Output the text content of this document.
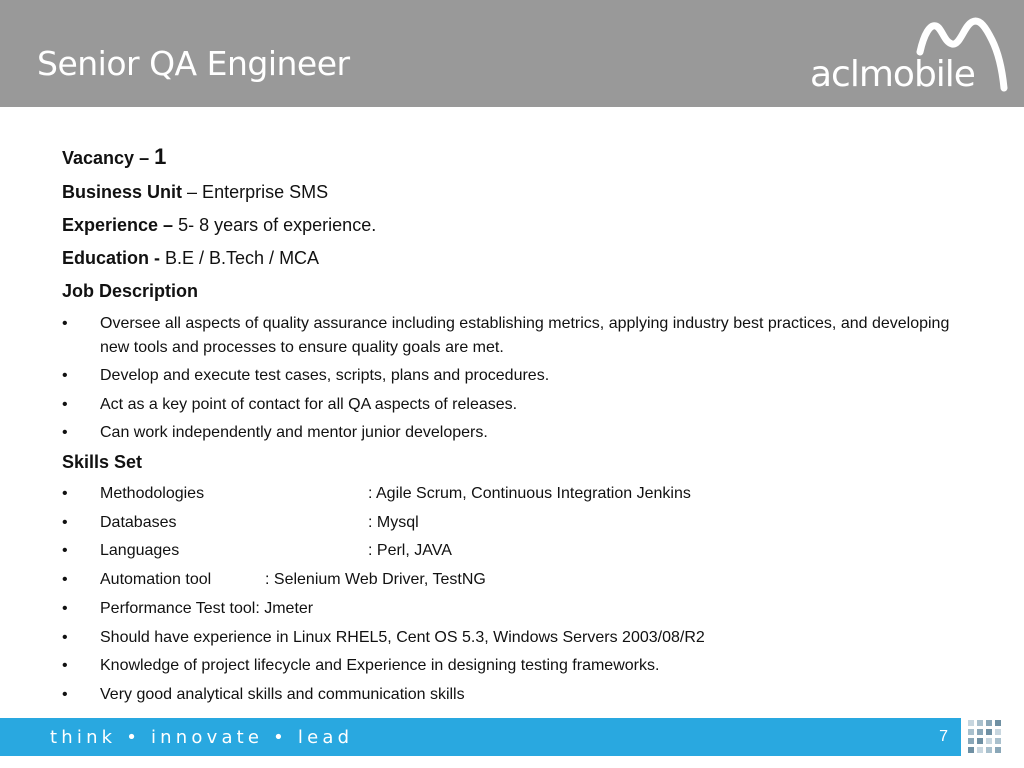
Senior QA Engineer	aclmobile
Vacancy – 1
Business Unit – Enterprise SMS
Experience – 5- 8 years of experience.
Education - B.E / B.Tech / MCA
Job Description
• Oversee all aspects of quality assurance including establishing metrics, applying industry best practices, and developing new tools and processes to ensure quality goals are met.
• Develop and execute test cases, scripts, plans and procedures.
• Act as a key point of contact for all QA aspects of releases.
• Can work independently and mentor junior developers.
Skills Set
• Methodologies	: Agile Scrum, Continuous Integration Jenkins
• Databases	: Mysql
• Languages	: Perl, JAVA
• Automation tool	: Selenium Web Driver, TestNG
• Performance Test tool: Jmeter
• Should have experience in Linux RHEL5, Cent OS 5.3, Windows Servers 2003/08/R2
• Knowledge of project lifecycle and Experience in designing testing frameworks.
• Very good analytical skills and communication skills
think • innovate • lead	7
